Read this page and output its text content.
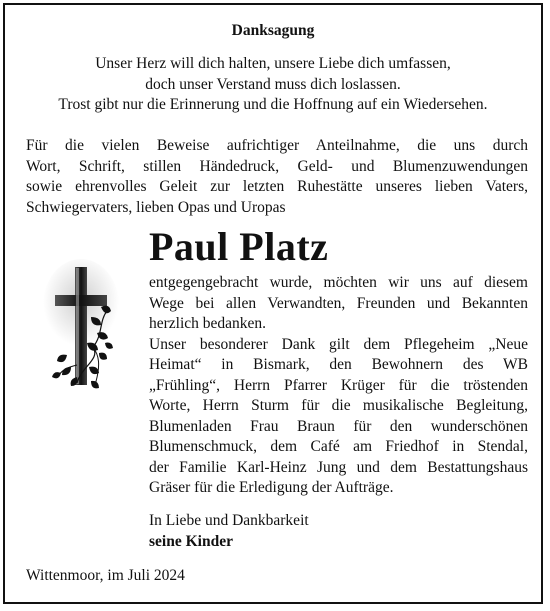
Danksagung
Unser Herz will dich halten, unsere Liebe dich umfassen,
doch unser Verstand muss dich loslassen.
Trost gibt nur die Erinnerung und die Hoffnung auf ein Wiedersehen.
Für die vielen Beweise aufrichtiger Anteilnahme, die uns durch
Wort, Schrift, stillen Händedruck, Geld- und Blumenzuwendungen
sowie ehrenvolles Geleit zur letzten Ruhestätte unseres lieben Vaters,
Schwiegervaters, lieben Opas und Uropas
Paul Platz
entgegengebracht wurde, möchten wir uns auf diesem
Wege bei allen Verwandten, Freunden und Bekannten
herzlich bedanken.
Unser besonderer Dank gilt dem Pflegeheim „Neue
Heimat“ in Bismark, den Bewohnern des WB
„Frühling“, Herrn Pfarrer Krüger für die tröstenden
Worte, Herrn Sturm für die musikalische Begleitung,
Blumenladen Frau Braun für den wunderschönen
Blumenschmuck, dem Café am Friedhof in Stendal,
der Familie Karl-Heinz Jung und dem Bestattungshaus
Gräser für die Erledigung der Aufträge.
In Liebe und Dankbarkeit
seine Kinder
Wittenmoor, im Juli 2024
